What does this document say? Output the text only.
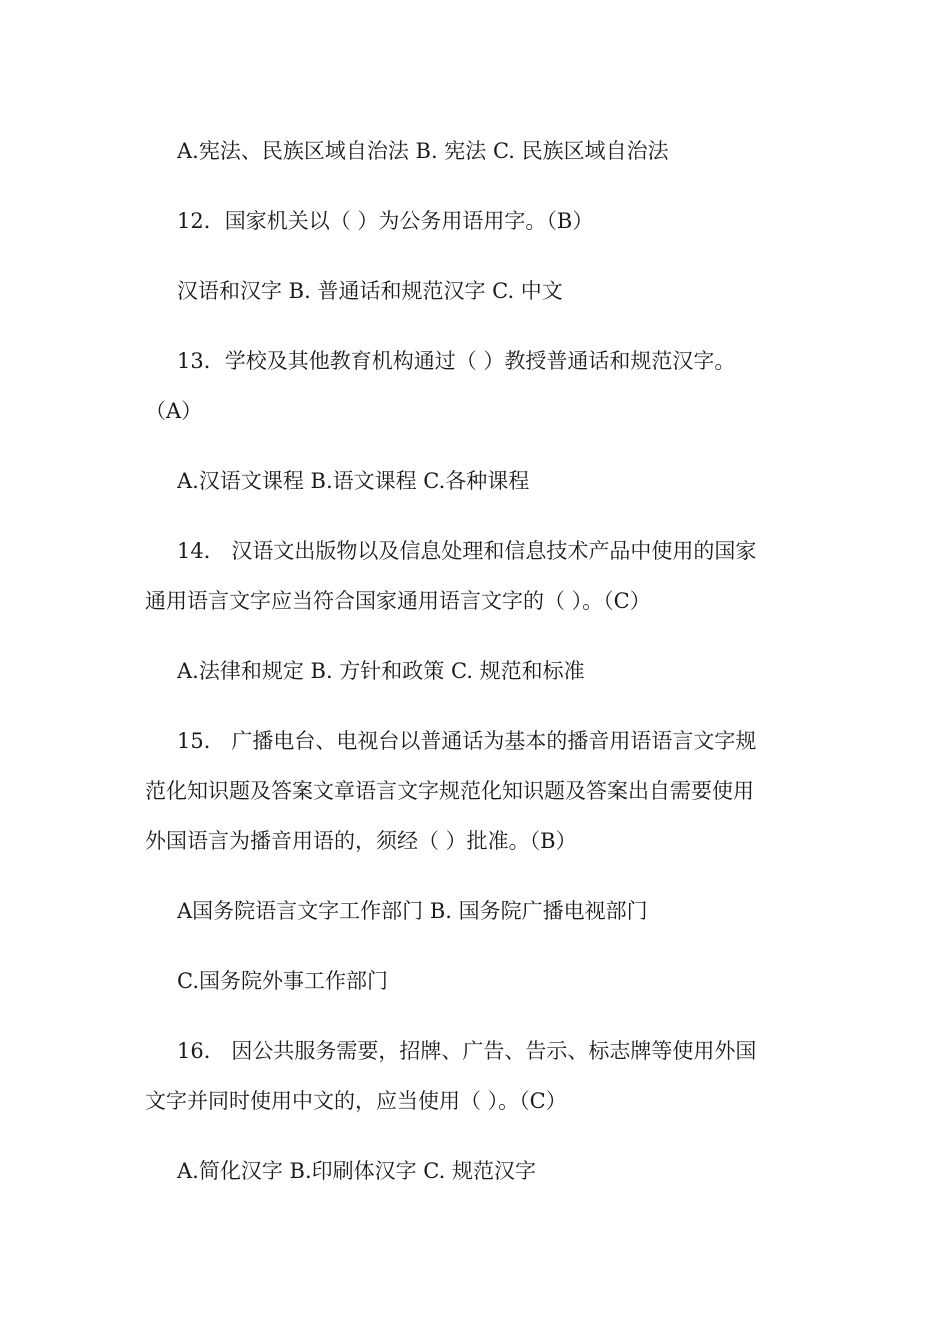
A.宪法、民族区域自治法 B. 宪法 C. 民族区域自治法
12．国家机关以（ ）为公务用语用字。（B）
汉语和汉字 B. 普通话和规范汉字 C. 中文
13．学校及其他教育机构通过（ ）教授普通话和规范汉字。
（A）
A.汉语文课程 B.语文课程 C.各种课程
14． 汉语文出版物以及信息处理和信息技术产品中使用的国家
通用语言文字应当符合国家通用语言文字的（ ）。（C）
A.法律和规定 B. 方针和政策 C. 规范和标准
15． 广播电台、电视台以普通话为基本的播音用语语言文字规
范化知识题及答案文章语言文字规范化知识题及答案出自需要使用
外国语言为播音用语的，须经（ ）批准。（B）
A国务院语言文字工作部门 B. 国务院广播电视部门
C.国务院外事工作部门
16． 因公共服务需要，招牌、广告、告示、标志牌等使用外国
文字并同时使用中文的，应当使用（ ）。（C）
A.简化汉字 B.印刷体汉字 C. 规范汉字
